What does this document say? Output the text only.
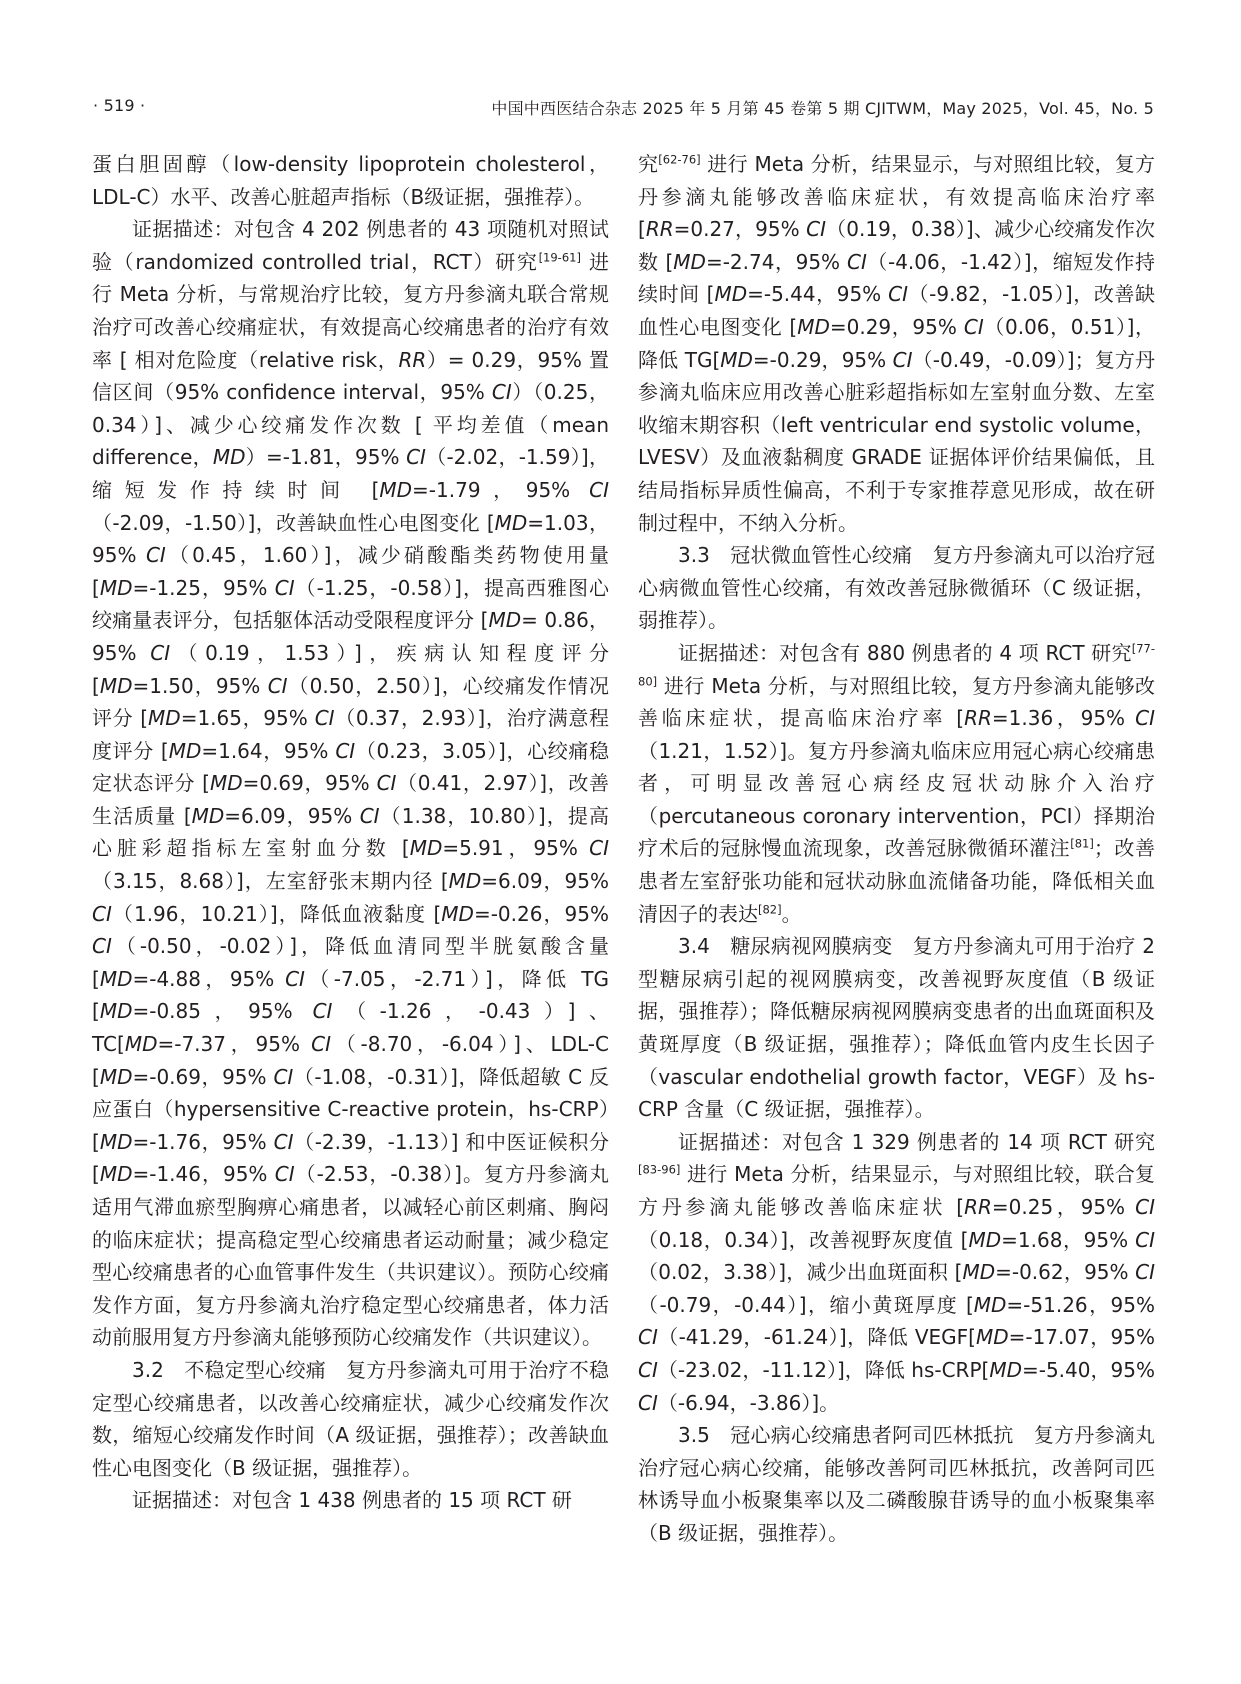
· 519 ·	中国中西医结合杂志 2025 年 5 月第 45 卷第 5 期 CJITWM，May 2025，Vol. 45，No. 5

蛋白胆固醇（low-density lipoprotein cholesterol，LDL-C）水平、改善心脏超声指标（B级证据，强推荐）。

证据描述：对包含 4 202 例患者的 43 项随机对照试验（randomized controlled trial，RCT）研究[19-61] 进行 Meta 分析，与常规治疗比较，复方丹参滴丸联合常规治疗可改善心绞痛症状，有效提高心绞痛患者的治疗有效率 [ 相对危险度（relative risk，RR）= 0.29，95% 置信区间（95% confidence interval，95% CI）（0.25，0.34）]、减少心绞痛发作次数 [ 平均差值（mean difference，MD）=-1.81，95% CI（-2.02，-1.59）]，缩短发作持续时间 [MD=-1.79，95% CI（-2.09，-1.50）]，改善缺血性心电图变化 [MD=1.03，95% CI（0.45，1.60）]，减少硝酸酯类药物使用量 [MD=-1.25，95% CI（-1.25，-0.58）]，提高西雅图心绞痛量表评分，包括躯体活动受限程度评分 [MD= 0.86，95% CI（0.19，1.53）]，疾病认知程度评分 [MD=1.50，95% CI（0.50，2.50）]，心绞痛发作情况评分 [MD=1.65，95% CI（0.37，2.93）]，治疗满意程度评分 [MD=1.64，95% CI（0.23，3.05）]，心绞痛稳定状态评分 [MD=0.69，95% CI（0.41，2.97）]，改善生活质量 [MD=6.09，95% CI（1.38，10.80）]，提高心脏彩超指标左室射血分数 [MD=5.91，95% CI（3.15，8.68）]，左室舒张末期内径 [MD=6.09，95% CI（1.96，10.21）]，降低血液黏度 [MD=-0.26，95% CI（-0.50，-0.02）]，降低血清同型半胱氨酸含量 [MD=-4.88，95% CI（-7.05，-2.71）]，降低 TG [MD=-0.85，95% CI（-1.26，-0.43）]、TC[MD=-7.37，95% CI（-8.70，-6.04）]、LDL-C [MD=-0.69，95% CI（-1.08，-0.31）]，降低超敏 C 反应蛋白（hypersensitive C-reactive protein，hs-CRP）[MD=-1.76，95% CI（-2.39，-1.13）] 和中医证候积分 [MD=-1.46，95% CI（-2.53，-0.38）]。复方丹参滴丸适用气滞血瘀型胸痹心痛患者，以减轻心前区刺痛、胸闷的临床症状；提高稳定型心绞痛患者运动耐量；减少稳定型心绞痛患者的心血管事件发生（共识建议）。预防心绞痛发作方面，复方丹参滴丸治疗稳定型心绞痛患者，体力活动前服用复方丹参滴丸能够预防心绞痛发作（共识建议）。

3.2　不稳定型心绞痛　复方丹参滴丸可用于治疗不稳定型心绞痛患者，以改善心绞痛症状，减少心绞痛发作次数，缩短心绞痛发作时间（A 级证据，强推荐）；改善缺血性心电图变化（B 级证据，强推荐）。

证据描述：对包含 1 438 例患者的 15 项 RCT 研

究[62-76] 进行 Meta 分析，结果显示，与对照组比较，复方丹参滴丸能够改善临床症状，有效提高临床治疗率 [RR=0.27，95% CI（0.19，0.38）]、减少心绞痛发作次数 [MD=-2.74，95% CI（-4.06，-1.42）]，缩短发作持续时间 [MD=-5.44，95% CI（-9.82，-1.05）]，改善缺血性心电图变化 [MD=0.29，95% CI（0.06，0.51）]，降低 TG[MD=-0.29，95% CI（-0.49，-0.09）]；复方丹参滴丸临床应用改善心脏彩超指标如左室射血分数、左室收缩末期容积（left ventricular end systolic volume，LVESV）及血液黏稠度 GRADE 证据体评价结果偏低，且结局指标异质性偏高，不利于专家推荐意见形成，故在研制过程中，不纳入分析。

3.3　冠状微血管性心绞痛　复方丹参滴丸可以治疗冠心病微血管性心绞痛，有效改善冠脉微循环（C 级证据，弱推荐）。

证据描述：对包含有 880 例患者的 4 项 RCT 研究[77-80] 进行 Meta 分析，与对照组比较，复方丹参滴丸能够改善临床症状，提高临床治疗率 [RR=1.36，95% CI（1.21，1.52）]。复方丹参滴丸临床应用冠心病心绞痛患者，可明显改善冠心病经皮冠状动脉介入治疗（percutaneous coronary intervention，PCI）择期治疗术后的冠脉慢血流现象，改善冠脉微循环灌注[81]；改善患者左室舒张功能和冠状动脉血流储备功能，降低相关血清因子的表达[82]。

3.4　糖尿病视网膜病变　复方丹参滴丸可用于治疗 2 型糖尿病引起的视网膜病变，改善视野灰度值（B 级证据，强推荐）；降低糖尿病视网膜病变患者的出血斑面积及黄斑厚度（B 级证据，强推荐）；降低血管内皮生长因子（vascular endothelial growth factor，VEGF）及 hs-CRP 含量（C 级证据，强推荐）。

证据描述：对包含 1 329 例患者的 14 项 RCT 研究[83-96] 进行 Meta 分析，结果显示，与对照组比较，联合复方丹参滴丸能够改善临床症状 [RR=0.25，95% CI（0.18，0.34）]，改善视野灰度值 [MD=1.68，95% CI（0.02，3.38）]，减少出血斑面积 [MD=-0.62，95% CI（-0.79，-0.44）]，缩小黄斑厚度 [MD=-51.26，95% CI（-41.29，-61.24）]，降低 VEGF[MD=-17.07，95% CI（-23.02，-11.12）]，降低 hs-CRP[MD=-5.40，95% CI（-6.94，-3.86）]。

3.5　冠心病心绞痛患者阿司匹林抵抗　复方丹参滴丸治疗冠心病心绞痛，能够改善阿司匹林抵抗，改善阿司匹林诱导血小板聚集率以及二磷酸腺苷诱导的血小板聚集率（B 级证据，强推荐）。
